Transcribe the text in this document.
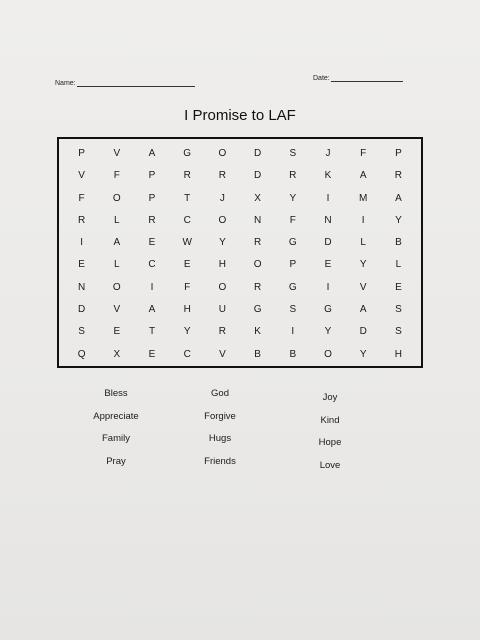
Name:
Date:
I Promise to LAF
P	V	A	G	O	D	S	J	F	P
V	F	P	R	R	D	R	K	A	R
F	O	P	T	J	X	Y	I	M	A
R	L	R	C	O	N	F	N	I	Y
I	A	E	W	Y	R	G	D	L	B
E	L	C	E	H	O	P	E	Y	L
N	O	I	F	O	R	G	I	V	E
D	V	A	H	U	G	S	G	A	S
S	E	T	Y	R	K	I	Y	D	S
Q	X	E	C	V	B	B	O	Y	H
Bless
Appreciate
Family
Pray
God
Forgive
Hugs
Friends
Joy
Kind
Hope
Love
